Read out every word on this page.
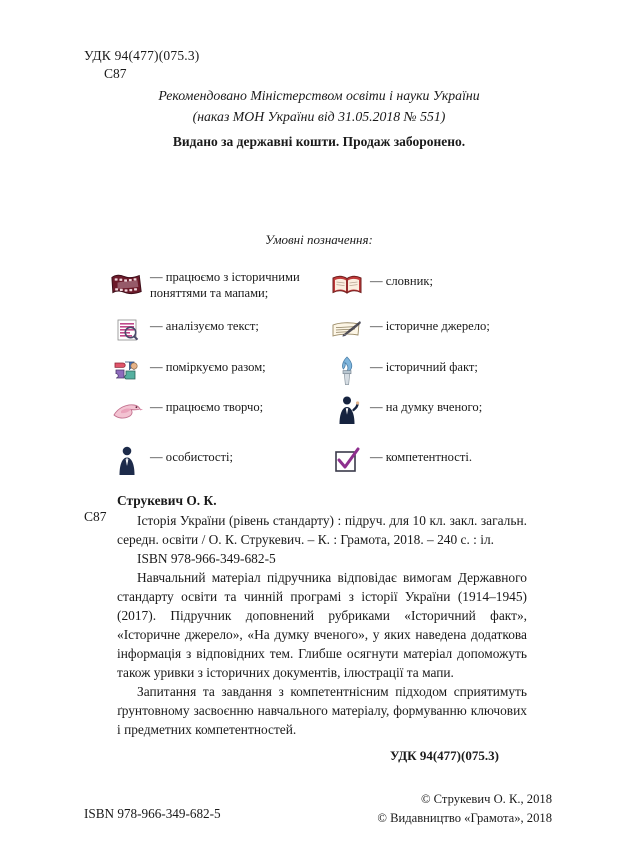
УДК 94(477)(075.3)
С87
Рекомендовано Міністерством освіти і науки України
(наказ МОН України від 31.05.2018 № 551)
Видано за державні кошти. Продаж заборонено.
Умовні позначення:
— працюємо з історичними поняттями та мапами;
— аналізуємо текст;
— поміркуємо разом;
— працюємо творчо;
— особистості;
— словник;
— історичне джерело;
— історичний факт;
— на думку вченого;
— компетентності.
С87
Струкевич О. К.

Історія України (рівень стандарту) : підруч. для 10 кл. закл. загальн. середн. освіти / О. К. Струкевич. – К. : Грамота, 2018. – 240 с. : іл.

ISBN 978-966-349-682-5

Навчальний матеріал підручника відповідає вимогам Державного стандарту освіти та чинній програмі з історії України (1914–1945) (2017). Підручник доповнений рубриками «Історичний факт», «Історичне джерело», «На думку вченого», у яких наведена додаткова інформація з відповідних тем. Глибше осягнути матеріал допоможуть також уривки з історичних документів, ілюстрації та мапи.

Запитання та завдання з компетентнісним підходом сприятимуть ґрунтовному засвоєнню навчального матеріалу, формуванню ключових і предметних компетентностей.

УДК 94(477)(075.3)
ISBN 978-966-349-682-5
© Струкевич О. К., 2018
© Видавництво «Грамота», 2018
